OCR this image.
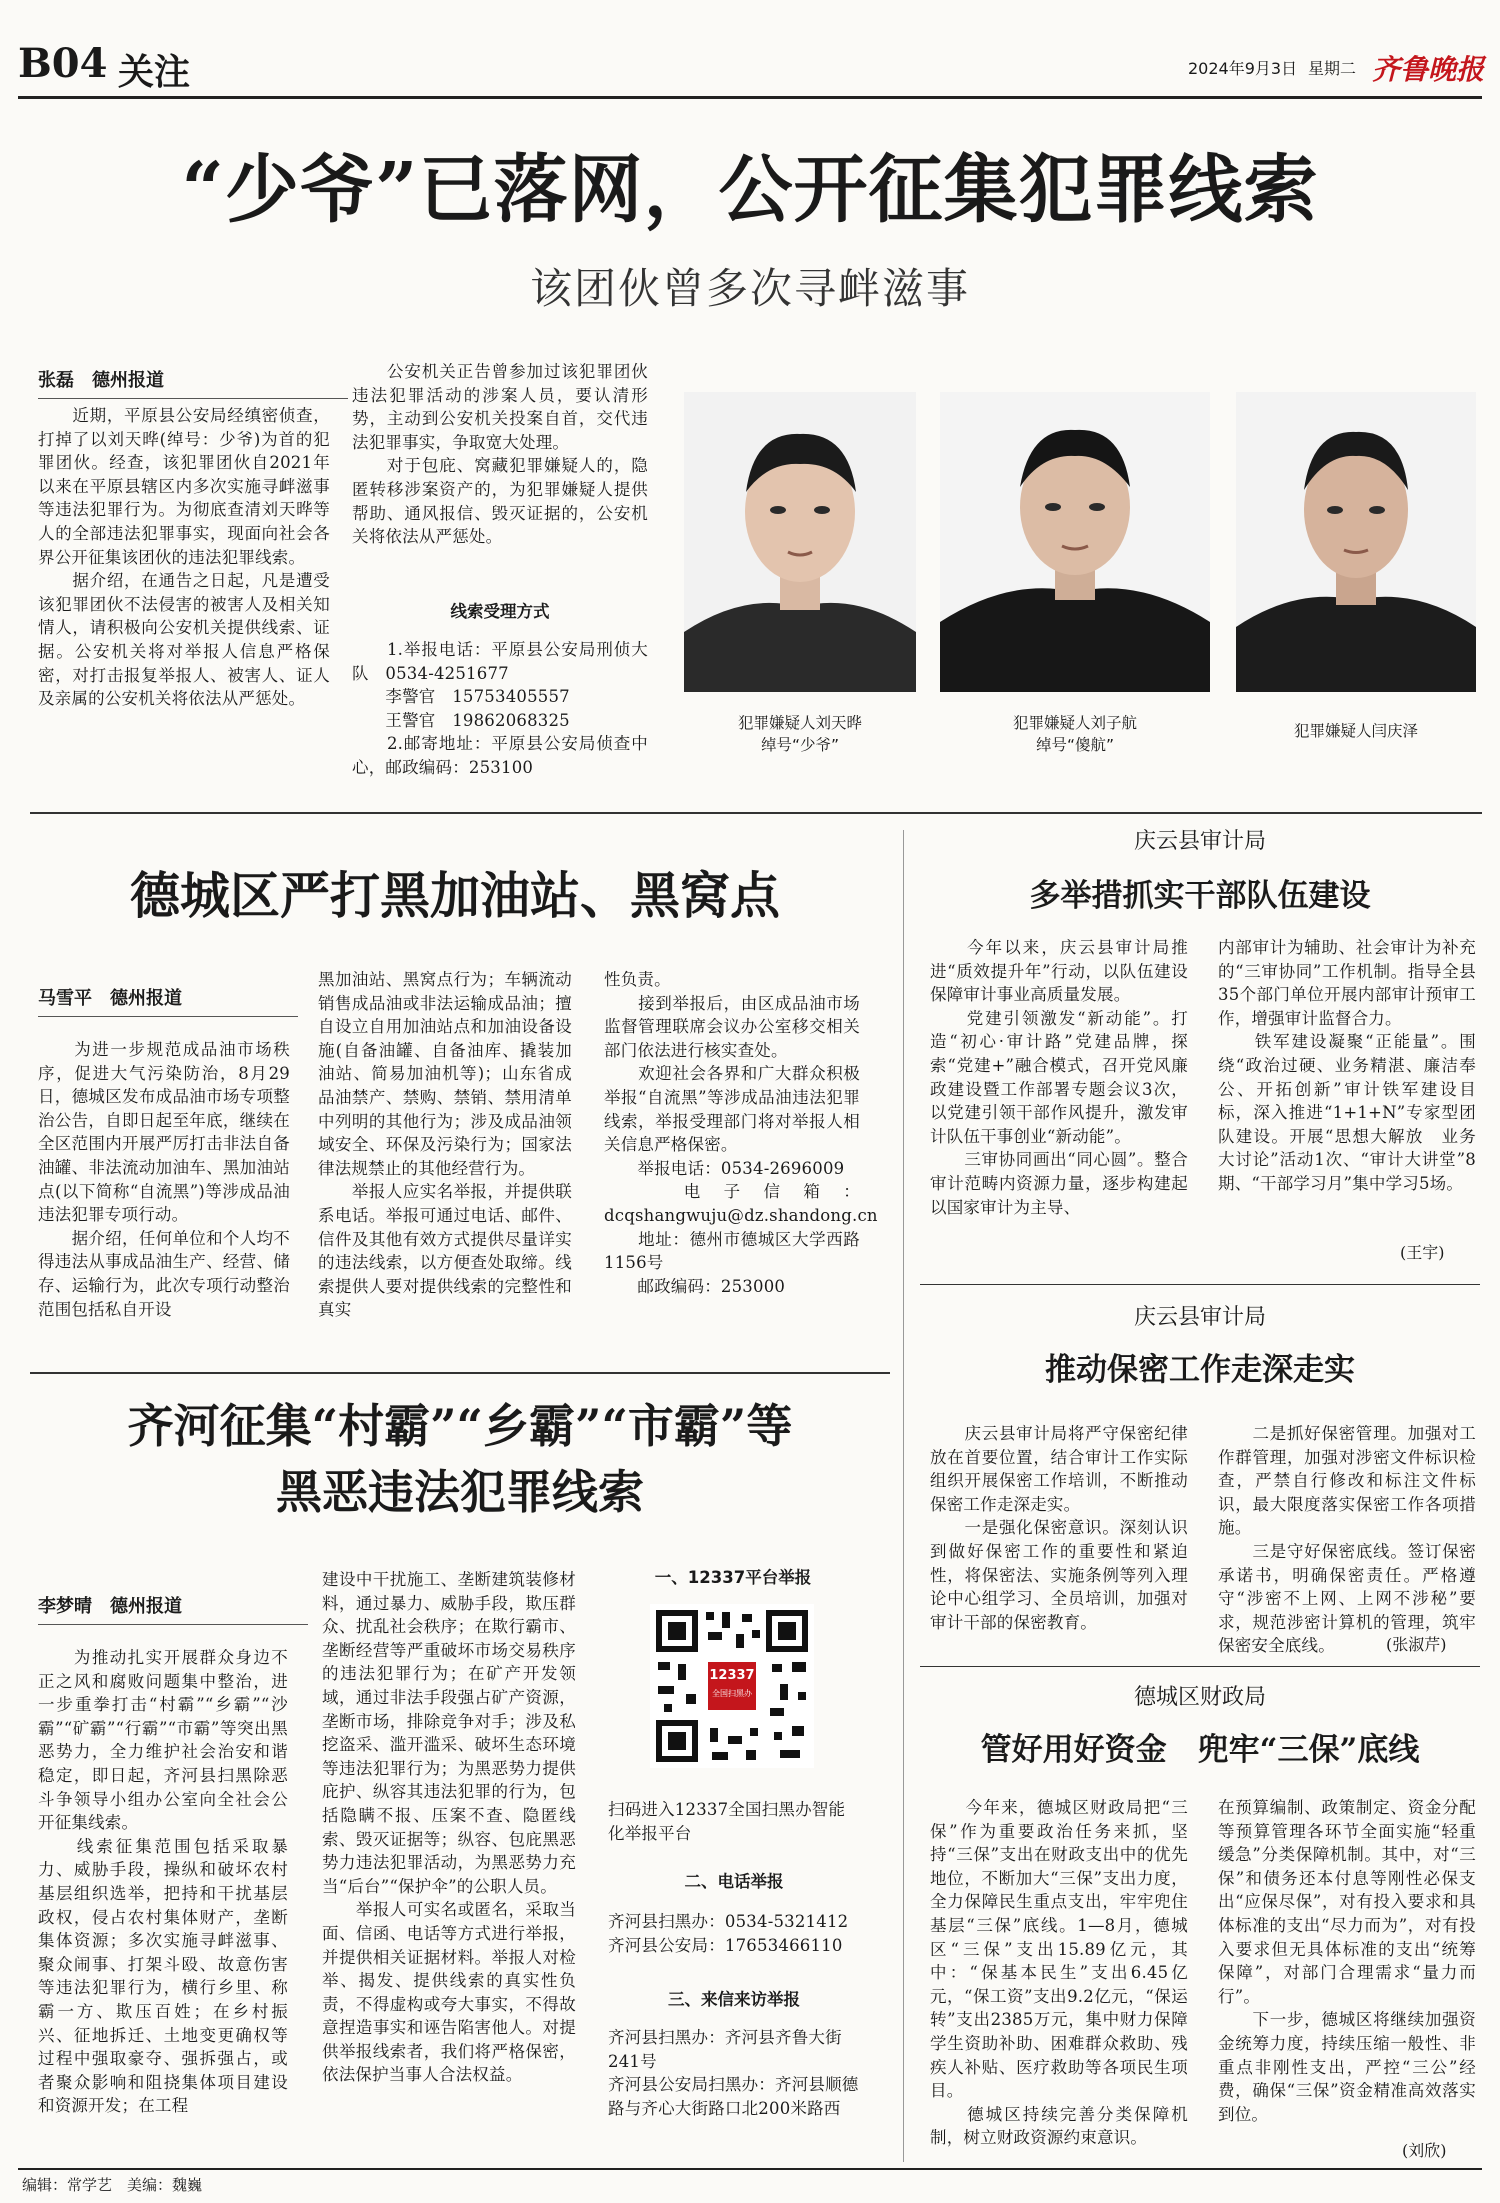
B04 关注	2024年9月3日 星期二 齐鲁晚报
“少爷”已落网，公开征集犯罪线索
该团伙曾多次寻衅滋事
张磊　德州报道
　　近期，平原县公安局经缜密侦查，打掉了以刘天晔(绰号：少爷)为首的犯罪团伙。经查，该犯罪团伙自2021年以来在平原县辖区内多次实施寻衅滋事等违法犯罪行为。为彻底查清刘天晔等人的全部违法犯罪事实，现面向社会各界公开征集该团伙的违法犯罪线索。
　　据介绍，在通告之日起，凡是遭受该犯罪团伙不法侵害的被害人及相关知情人，请积极向公安机关提供线索、证据。公安机关将对举报人信息严格保密，对打击报复举报人、被害人、证人及亲属的公安机关将依法从严惩处。
　　公安机关正告曾参加过该犯罪团伙违法犯罪活动的涉案人员，要认清形势，主动到公安机关投案自首，交代违法犯罪事实，争取宽大处理。
　　对于包庇、窝藏犯罪嫌疑人的，隐匿转移涉案资产的，为犯罪嫌疑人提供帮助、通风报信、毁灭证据的，公安机关将依法从严惩处。
线索受理方式
　　1.举报电话：平原县公安局刑侦大队　0534-4251677
　　李警官　15753405557
　　王警官　19862068325
　　2.邮寄地址：平原县公安局侦查中心，邮政编码：253100
犯罪嫌疑人刘天晔
绰号“少爷”
犯罪嫌疑人刘子航
绰号“傻航”
犯罪嫌疑人闫庆泽
德城区严打黑加油站、黑窝点
马雪平　德州报道
　　为进一步规范成品油市场秩序，促进大气污染防治，8月29日，德城区发布成品油市场专项整治公告，自即日起至年底，继续在全区范围内开展严厉打击非法自备油罐、非法流动加油车、黑加油站点(以下简称“自流黑”)等涉成品油违法犯罪专项行动。
　　据介绍，任何单位和个人均不得违法从事成品油生产、经营、储存、运输行为，此次专项行动整治范围包括私自开设
黑加油站、黑窝点行为；车辆流动销售成品油或非法运输成品油；擅自设立自用加油站点和加油设备设施(自备油罐、自备油库、撬装加油站、简易加油机等)；山东省成品油禁产、禁购、禁销、禁用清单中列明的其他行为；涉及成品油领域安全、环保及污染行为；国家法律法规禁止的其他经营行为。
　　举报人应实名举报，并提供联系电话。举报可通过电话、邮件、信件及其他有效方式提供尽量详实的违法线索，以方便查处取缔。线索提供人要对提供线索的完整性和真实
性负责。
　　接到举报后，由区成品油市场监督管理联席会议办公室移交相关部门依法进行核实查处。
　　欢迎社会各界和广大群众积极举报“自流黑”等涉成品油违法犯罪线索，举报受理部门将对举报人相关信息严格保密。
　　举报电话：0534-2696009
　　电子信箱：dcqshangwuju@dz.shandong.cn
　　地址：德州市德城区大学西路1156号
　　邮政编码：253000
齐河征集“村霸”“乡霸”“市霸”等
黑恶违法犯罪线索
李梦晴　德州报道
　　为推动扎实开展群众身边不正之风和腐败问题集中整治，进一步重拳打击“村霸”“乡霸”“沙霸”“矿霸”“行霸”“市霸”等突出黑恶势力，全力维护社会治安和谐稳定，即日起，齐河县扫黑除恶斗争领导小组办公室向全社会公开征集线索。
　　线索征集范围包括采取暴力、威胁手段，操纵和破坏农村基层组织选举，把持和干扰基层政权，侵占农村集体财产，垄断集体资源；多次实施寻衅滋事、聚众闹事、打架斗殴、故意伤害等违法犯罪行为，横行乡里、称霸一方、欺压百姓；在乡村振兴、征地拆迁、土地变更确权等过程中强取豪夺、强拆强占，或者聚众影响和阻挠集体项目建设和资源开发；在工程
建设中干扰施工、垄断建筑装修材料，通过暴力、威胁手段，欺压群众、扰乱社会秩序；在欺行霸市、垄断经营等严重破坏市场交易秩序的违法犯罪行为；在矿产开发领域，通过非法手段强占矿产资源，垄断市场，排除竞争对手；涉及私挖盗采、滥开滥采、破坏生态环境等违法犯罪行为；为黑恶势力提供庇护、纵容其违法犯罪的行为，包括隐瞒不报、压案不查、隐匿线索、毁灭证据等；纵容、包庇黑恶势力违法犯罪活动，为黑恶势力充当“后台”“保护伞”的公职人员。
　　举报人可实名或匿名，采取当面、信函、电话等方式进行举报，并提供相关证据材料。举报人对检举、揭发、提供线索的真实性负责，不得虚构或夸大事实，不得故意捏造事实和诬告陷害他人。对提供举报线索者，我们将严格保密，依法保护当事人合法权益。
一、12337平台举报
12337
全国扫黑办
扫码进入12337全国扫黑办智能化举报平台
二、电话举报
齐河县扫黑办：0534-5321412
齐河县公安局：17653466110
三、来信来访举报
齐河县扫黑办：齐河县齐鲁大街241号
齐河县公安局扫黑办：齐河县顺德路与齐心大街路口北200米路西
庆云县审计局
多举措抓实干部队伍建设
　　今年以来，庆云县审计局推进“质效提升年”行动，以队伍建设保障审计事业高质量发展。
　　党建引领激发“新动能”。打造“初心·审计路”党建品牌，探索“党建+”融合模式，召开党风廉政建设暨工作部署专题会议3次，以党建引领干部作风提升，激发审计队伍干事创业“新动能”。
　　三审协同画出“同心圆”。整合审计范畴内资源力量，逐步构建起以国家审计为主导、
内部审计为辅助、社会审计为补充的“三审协同”工作机制。指导全县35个部门单位开展内部审计预审工作，增强审计监督合力。
　　铁军建设凝聚“正能量”。围绕“政治过硬、业务精湛、廉洁奉公、开拓创新”审计铁军建设目标，深入推进“1+1+N”专家型团队建设。开展“思想大解放　业务大讨论”活动1次、“审计大讲堂”8期、“干部学习月”集中学习5场。
(王宇)
庆云县审计局
推动保密工作走深走实
　　庆云县审计局将严守保密纪律放在首要位置，结合审计工作实际组织开展保密工作培训，不断推动保密工作走深走实。
　　一是强化保密意识。深刻认识到做好保密工作的重要性和紧迫性，将保密法、实施条例等列入理论中心组学习、全员培训，加强对审计干部的保密教育。
　　二是抓好保密管理。加强对工作群管理，加强对涉密文件标识检查，严禁自行修改和标注文件标识，最大限度落实保密工作各项措施。
　　三是守好保密底线。签订保密承诺书，明确保密责任。严格遵守“涉密不上网、上网不涉秘”要求，规范涉密计算机的管理，筑牢保密安全底线。	(张淑芹)
德城区财政局
管好用好资金　兜牢“三保”底线
　　今年来，德城区财政局把“三保”作为重要政治任务来抓，坚持“三保”支出在财政支出中的优先地位，不断加大“三保”支出力度，全力保障民生重点支出，牢牢兜住基层“三保”底线。1—8月，德城区“三保”支出15.89亿元，其中：“保基本民生”支出6.45亿元，“保工资”支出9.2亿元，“保运转”支出2385万元，集中财力保障学生资助补助、困难群众救助、残疾人补贴、医疗救助等各项民生项目。
　　德城区持续完善分类保障机制，树立财政资源约束意识。
在预算编制、政策制定、资金分配等预算管理各环节全面实施“轻重缓急”分类保障机制。其中，对“三保”和债务还本付息等刚性必保支出“应保尽保”，对有投入要求和具体标准的支出“尽力而为”，对有投入要求但无具体标准的支出“统筹保障”，对部门合理需求“量力而行”。
　　下一步，德城区将继续加强资金统筹力度，持续压缩一般性、非重点非刚性支出，严控“三公”经费，确保“三保”资金精准高效落实到位。
(刘欣)
编辑：常学艺　美编：魏巍
